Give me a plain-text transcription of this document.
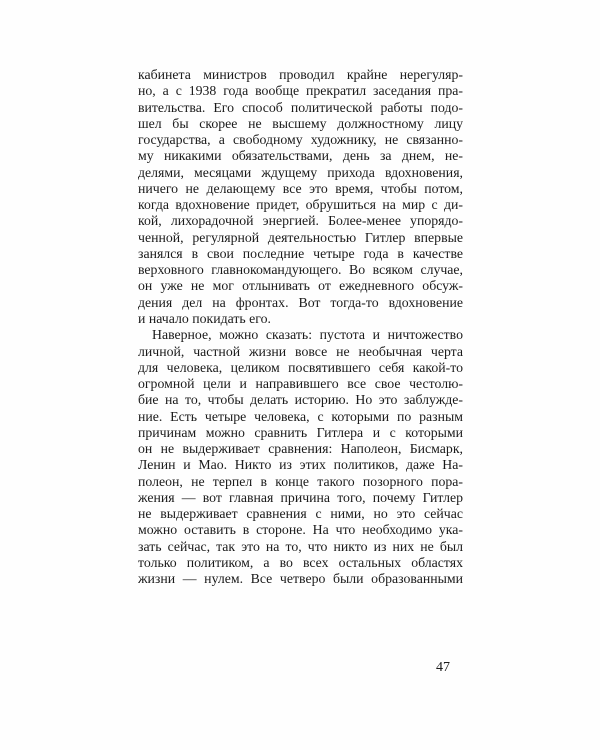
кабинета министров проводил крайне нерегуляр-
но, а с 1938 года вообще прекратил заседания пра-
вительства. Его способ политической работы подо-
шел бы скорее не высшему должностному лицу
государства, а свободному художнику, не связанно-
му никакими обязательствами, день за днем, не-
делями, месяцами ждущему прихода вдохновения,
ничего не делающему все это время, чтобы потом,
когда вдохновение придет, обрушиться на мир с ди-
кой, лихорадочной энергией. Более-менее упорядо-
ченной, регулярной деятельностью Гитлер впервые
занялся в свои последние четыре года в качестве
верховного главнокомандующего. Во всяком случае,
он уже не мог отлынивать от ежедневного обсуж-
дения дел на фронтах. Вот тогда-то вдохновение
и начало покидать его.
Наверное, можно сказать: пустота и ничтожество
личной, частной жизни вовсе не необычная черта
для человека, целиком посвятившего себя какой-то
огромной цели и направившего все свое честолю-
бие на то, чтобы делать историю. Но это заблужде-
ние. Есть четыре человека, с которыми по разным
причинам можно сравнить Гитлера и с которыми
он не выдерживает сравнения: Наполеон, Бисмарк,
Ленин и Мао. Никто из этих политиков, даже На-
полеон, не терпел в конце такого позорного пора-
жения — вот главная причина того, почему Гитлер
не выдерживает сравнения с ними, но это сейчас
можно оставить в стороне. На что необходимо ука-
зать сейчас, так это на то, что никто из них не был
только политиком, а во всех остальных областях
жизни — нулем. Все четверо были образованными
47
